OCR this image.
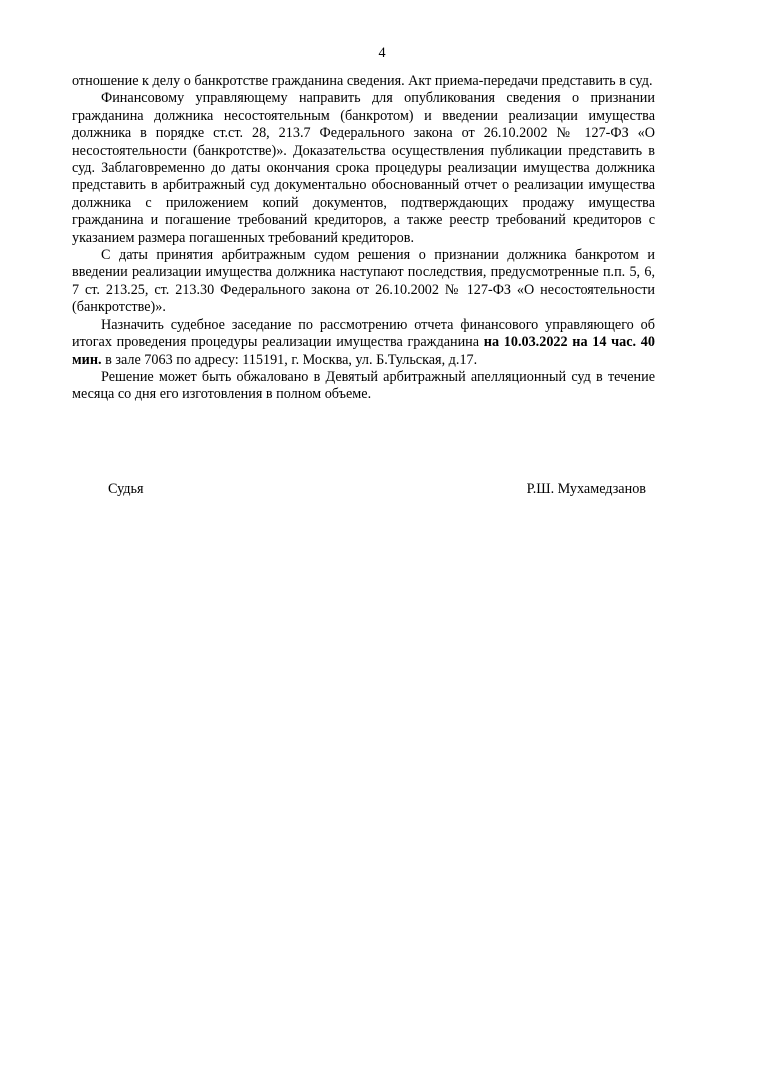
4

отношение к делу о банкротстве гражданина сведения. Акт приема-передачи представить в суд.

Финансовому управляющему направить для опубликования сведения о признании гражданина должника несостоятельным (банкротом) и введении реализации имущества должника в порядке ст.ст. 28, 213.7 Федерального закона от 26.10.2002 № 127-ФЗ «О несостоятельности (банкротстве)». Доказательства осуществления публикации представить в суд. Заблаговременно до даты окончания срока процедуры реализации имущества должника представить в арбитражный суд документально обоснованный отчет о реализации имущества должника с приложением копий документов, подтверждающих продажу имущества гражданина и погашение требований кредиторов, а также реестр требований кредиторов с указанием размера погашенных требований кредиторов.

С даты принятия арбитражным судом решения о признании должника банкротом и введении реализации имущества должника наступают последствия, предусмотренные п.п. 5, 6, 7 ст. 213.25, ст. 213.30 Федерального закона от 26.10.2002 № 127-ФЗ «О несостоятельности (банкротстве)».

Назначить судебное заседание по рассмотрению отчета финансового управляющего об итогах проведения процедуры реализации имущества гражданина на 10.03.2022 на 14 час. 40 мин. в зале 7063 по адресу: 115191, г. Москва, ул. Б.Тульская, д.17.

Решение может быть обжаловано в Девятый арбитражный апелляционный суд в течение месяца со дня его изготовления в полном объеме.

Судья	Р.Ш. Мухамедзанов
